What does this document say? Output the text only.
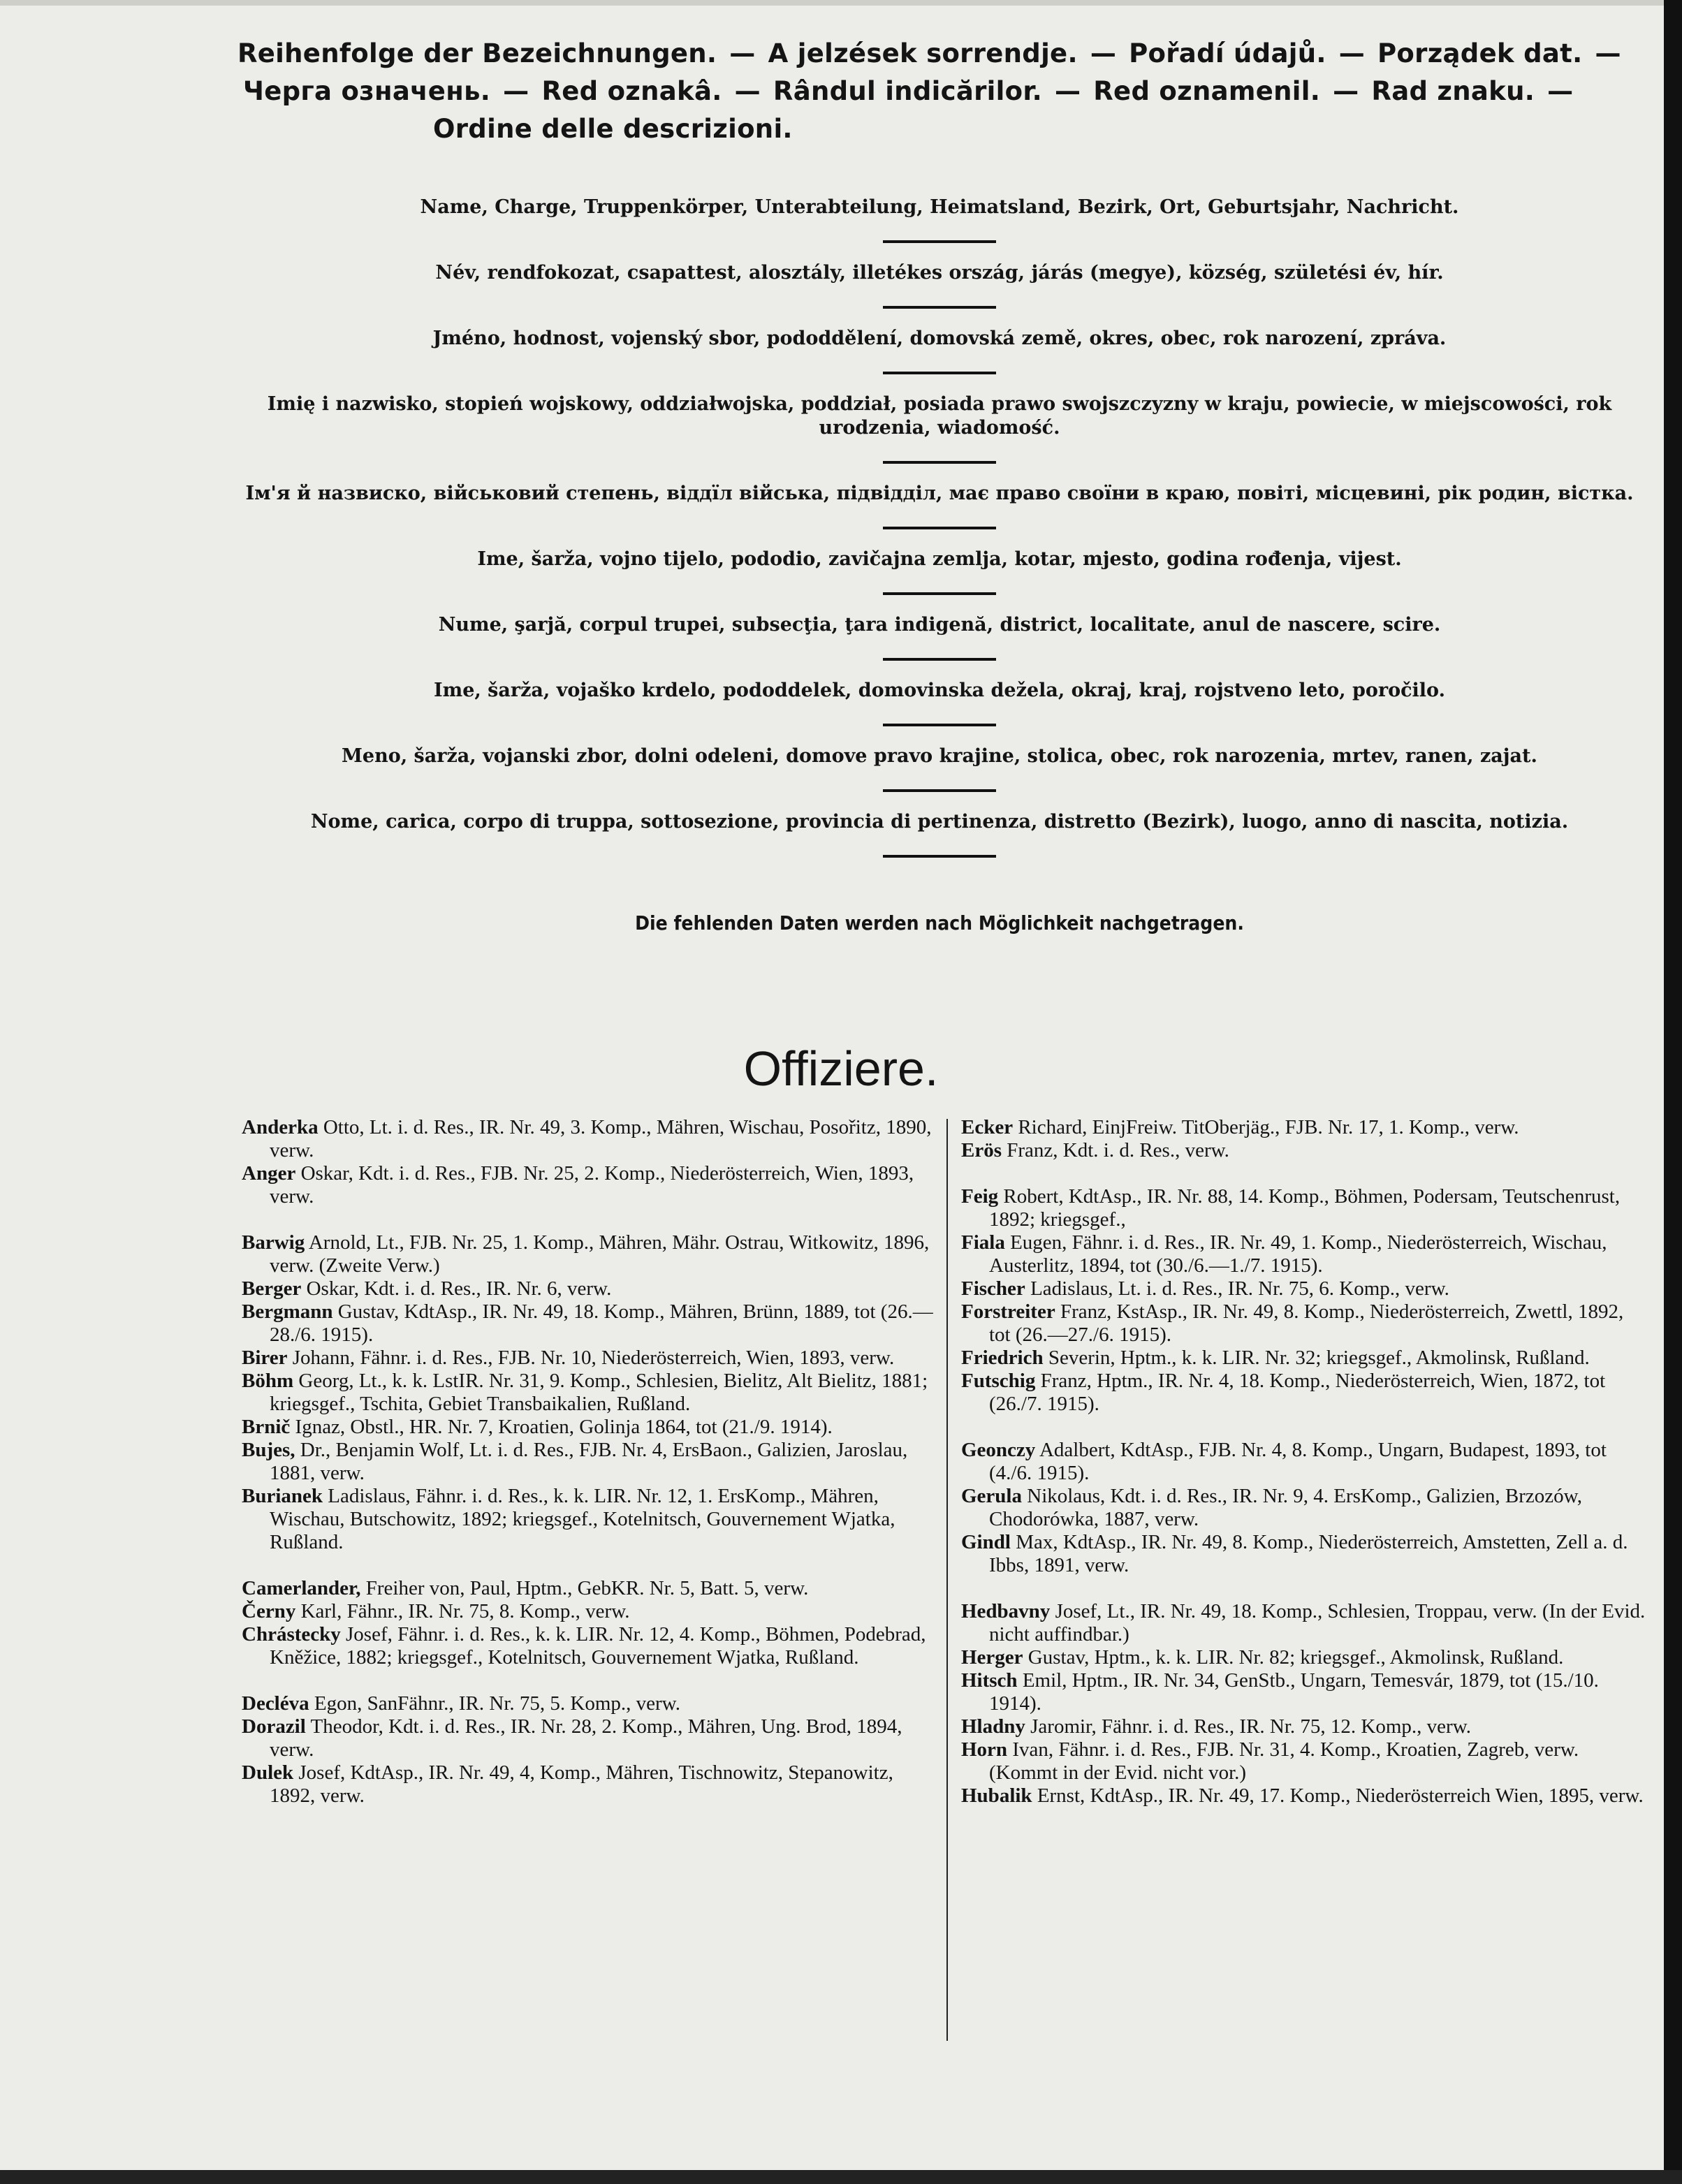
Reihenfolge der Bezeichnungen. — A jelzések sorrendje. — Pořadí údajů. — Porządek dat. —
Черга означень. — Red oznakâ. — Rândul indicărilor. — Red oznamenil. — Rad znaku. —
Ordine delle descrizioni.
Name, Charge, Truppenkörper, Unterabteilung, Heimatsland, Bezirk, Ort, Geburtsjahr, Nachricht.
Név, rendfokozat, csapattest, alosztály, illetékes ország, járás (megye), község, születési év, hír.
Jméno, hodnost, vojenský sbor, pododdělení, domovská země, okres, obec, rok narození, zpráva.
Imię i nazwisko, stopień wojskowy, oddziałwojska, poddział, posiada prawo swojszczyzny w kraju, powiecie, w miejscowości, rok urodzenia, wiadomość.
Ім'я й назвиско, військовий степень, віддїл війська, підвідділ, має право своїни в краю, повіті, місцевині, рік родин, вістка.
Ime, šarža, vojno tijelo, pododio, zavičajna zemlja, kotar, mjesto, godina rođenja, vijest.
Nume, şarjă, corpul trupei, subsecţia, ţara indigenă, district, localitate, anul de nascere, scire.
Ime, šarža, vojaško krdelo, pododdelek, domovinska dežela, okraj, kraj, rojstveno leto, poročilo.
Meno, šarža, vojanski zbor, dolni odeleni, domove pravo krajine, stolica, obec, rok narozenia, mrtev, ranen, zajat.
Nome, carica, corpo di truppa, sottosezione, provincia di pertinenza, distretto (Bezirk), luogo, anno di nascita, notizia.
Die fehlenden Daten werden nach Möglichkeit nachgetragen.
Offiziere.

Anderka Otto, Lt. i. d. Res., IR. Nr. 49, 3. Komp., Mähren, Wischau, Posořitz, 1890, verw.

Anger Oskar, Kdt. i. d. Res., FJB. Nr. 25, 2. Komp., Niederösterreich, Wien, 1893, verw.

Barwig Arnold, Lt., FJB. Nr. 25, 1. Komp., Mähren, Mähr. Ostrau, Witkowitz, 1896, verw. (Zweite Verw.)

Berger Oskar, Kdt. i. d. Res., IR. Nr. 6, verw.

Bergmann Gustav, KdtAsp., IR. Nr. 49, 18. Komp., Mähren, Brünn, 1889, tot (26.—28./6. 1915).

Birer Johann, Fähnr. i. d. Res., FJB. Nr. 10, Niederösterreich, Wien, 1893, verw.

Böhm Georg, Lt., k. k. LstIR. Nr. 31, 9. Komp., Schlesien, Bielitz, Alt Bielitz, 1881; kriegsgef., Tschita, Gebiet Transbaikalien, Rußland.

Brnič Ignaz, Obstl., HR. Nr. 7, Kroatien, Golinja 1864, tot (21./9. 1914).

Bujes, Dr., Benjamin Wolf, Lt. i. d. Res., FJB. Nr. 4, ErsBaon., Galizien, Jaroslau, 1881, verw.

Burianek Ladislaus, Fähnr. i. d. Res., k. k. LIR. Nr. 12, 1. ErsKomp., Mähren, Wischau, Butschowitz, 1892; kriegsgef., Kotelnitsch, Gouvernement Wjatka, Rußland.

Camerlander, Freiher von, Paul, Hptm., GebKR. Nr. 5, Batt. 5, verw.

Černy Karl, Fähnr., IR. Nr. 75, 8. Komp., verw.

Chrástecky Josef, Fähnr. i. d. Res., k. k. LIR. Nr. 12, 4. Komp., Böhmen, Podebrad, Kněžice, 1882; kriegsgef., Kotelnitsch, Gouvernement Wjatka, Rußland.

Decléva Egon, SanFähnr., IR. Nr. 75, 5. Komp., verw.

Dorazil Theodor, Kdt. i. d. Res., IR. Nr. 28, 2. Komp., Mähren, Ung. Brod, 1894, verw.

Dulek Josef, KdtAsp., IR. Nr. 49, 4, Komp., Mähren, Tischnowitz, Stepanowitz, 1892, verw.

Ecker Richard, EinjFreiw. TitOberjäg., FJB. Nr. 17, 1. Komp., verw.

Erös Franz, Kdt. i. d. Res., verw.

Feig Robert, KdtAsp., IR. Nr. 88, 14. Komp., Böhmen, Podersam, Teutschenrust, 1892; kriegsgef.,

Fiala Eugen, Fähnr. i. d. Res., IR. Nr. 49, 1. Komp., Niederösterreich, Wischau, Austerlitz, 1894, tot (30./6.—1./7. 1915).

Fischer Ladislaus, Lt. i. d. Res., IR. Nr. 75, 6. Komp., verw.

Forstreiter Franz, KstAsp., IR. Nr. 49, 8. Komp., Niederösterreich, Zwettl, 1892, tot (26.—27./6. 1915).

Friedrich Severin, Hptm., k. k. LIR. Nr. 32; kriegsgef., Akmolinsk, Rußland.

Futschig Franz, Hptm., IR. Nr. 4, 18. Komp., Niederösterreich, Wien, 1872, tot (26./7. 1915).

Geonczy Adalbert, KdtAsp., FJB. Nr. 4, 8. Komp., Ungarn, Budapest, 1893, tot (4./6. 1915).

Gerula Nikolaus, Kdt. i. d. Res., IR. Nr. 9, 4. ErsKomp., Galizien, Brzozów, Chodorówka, 1887, verw.

Gindl Max, KdtAsp., IR. Nr. 49, 8. Komp., Niederösterreich, Amstetten, Zell a. d. Ibbs, 1891, verw.

Hedbavny Josef, Lt., IR. Nr. 49, 18. Komp., Schlesien, Troppau, verw. (In der Evid. nicht auffindbar.)

Herger Gustav, Hptm., k. k. LIR. Nr. 82; kriegsgef., Akmolinsk, Rußland.

Hitsch Emil, Hptm., IR. Nr. 34, GenStb., Ungarn, Temesvár, 1879, tot (15./10. 1914).

Hladny Jaromir, Fähnr. i. d. Res., IR. Nr. 75, 12. Komp., verw.

Horn Ivan, Fähnr. i. d. Res., FJB. Nr. 31, 4. Komp., Kroatien, Zagreb, verw. (Kommt in der Evid. nicht vor.)

Hubalik Ernst, KdtAsp., IR. Nr. 49, 17. Komp., Niederösterreich Wien, 1895, verw.
